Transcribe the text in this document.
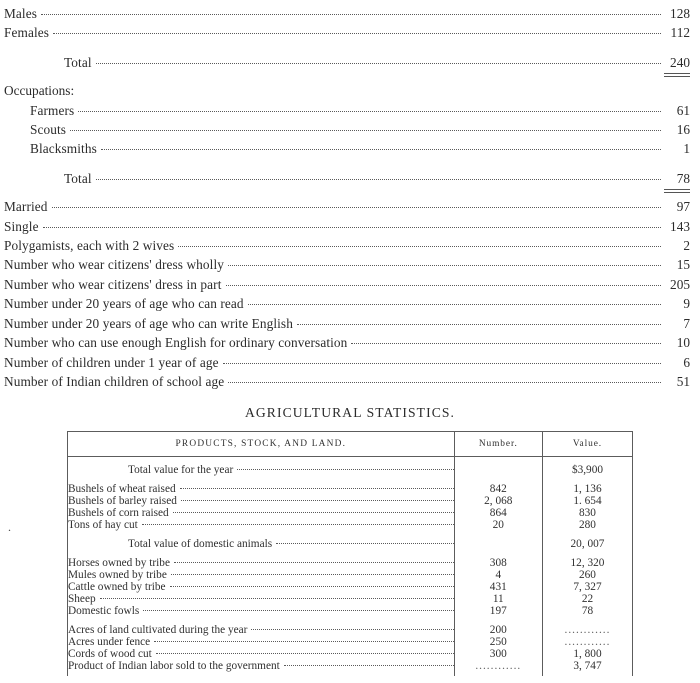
Males	128
Females	112
Total	240
Occupations:
Farmers	61
Scouts	16
Blacksmiths	1
Total	78
Married	97
Single	143
Polygamists, each with 2 wives	2
Number who wear citizens' dress wholly	15
Number who wear citizens' dress in part	205
Number under 20 years of age who can read	9
Number under 20 years of age who can write English	7
Number who can use enough English for ordinary conversation	10
Number of children under 1 year of age	6
Number of Indian children of school age	51
AGRICULTURAL STATISTICS.
.
PRODUCTS, STOCK, AND LAND.	Number.	Value.

Total value for the year		$3,900

Bushels of wheat raised	842	1, 136

Bushels of barley raised	2, 068	1. 654

Bushels of corn raised	864	830

Tons of hay cut	20	280

Total value of domestic animals		20, 007

Horses owned by tribe	308	12, 320

Mules owned by tribe	4	260

Cattle owned by tribe	431	7, 327

Sheep	11	22

Domestic fowls	197	78

Acres of land cultivated during the year	200	............

Acres under fence	250	............

Cords of wood cut	300	1, 800

Product of Indian labor sold to the government	............	3, 747
